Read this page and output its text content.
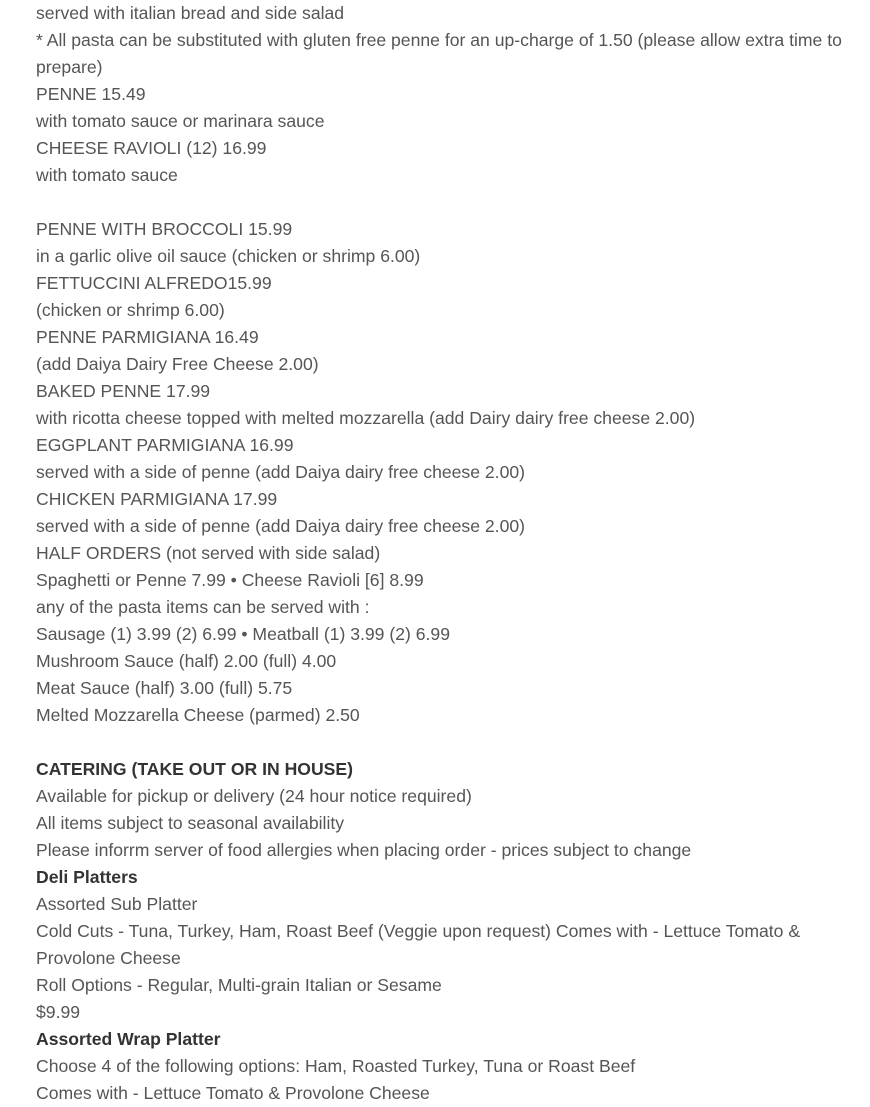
served with italian bread and side salad
* All pasta can be substituted with gluten free penne for an up-charge of 1.50 (please allow extra time to prepare)
PENNE 15.49
with tomato sauce or marinara sauce
CHEESE RAVIOLI (12) 16.99
with tomato sauce
PENNE WITH BROCCOLI 15.99
in a garlic olive oil sauce (chicken or shrimp 6.00)
FETTUCCINI ALFREDO15.99
(chicken or shrimp 6.00)
PENNE PARMIGIANA 16.49
(add Daiya Dairy Free Cheese 2.00)
BAKED PENNE 17.99
with ricotta cheese topped with melted mozzarella (add Dairy dairy free cheese 2.00)
EGGPLANT PARMIGIANA 16.99
served with a side of penne (add Daiya dairy free cheese 2.00)
CHICKEN PARMIGIANA 17.99
served with a side of penne (add Daiya dairy free cheese 2.00)
HALF ORDERS (not served with side salad)
Spaghetti or Penne 7.99 • Cheese Ravioli [6] 8.99
any of the pasta items can be served with :
Sausage (1) 3.99 (2) 6.99 • Meatball (1) 3.99 (2) 6.99
Mushroom Sauce (half) 2.00 (full) 4.00
Meat Sauce (half) 3.00 (full) 5.75
Melted Mozzarella Cheese (parmed) 2.50
CATERING (TAKE OUT OR IN HOUSE)
Available for pickup or delivery (24 hour notice required)
All items subject to seasonal availability
Please inforrm server of food allergies when placing order - prices subject to change
Deli Platters
Assorted Sub Platter
Cold Cuts - Tuna, Turkey, Ham, Roast Beef (Veggie upon request) Comes with - Lettuce Tomato & Provolone Cheese
Roll Options - Regular, Multi-grain Italian or Sesame
$9.99
Assorted Wrap Platter
Choose 4 of the following options: Ham, Roasted Turkey, Tuna or Roast Beef
Comes with - Lettuce Tomato & Provolone Cheese
